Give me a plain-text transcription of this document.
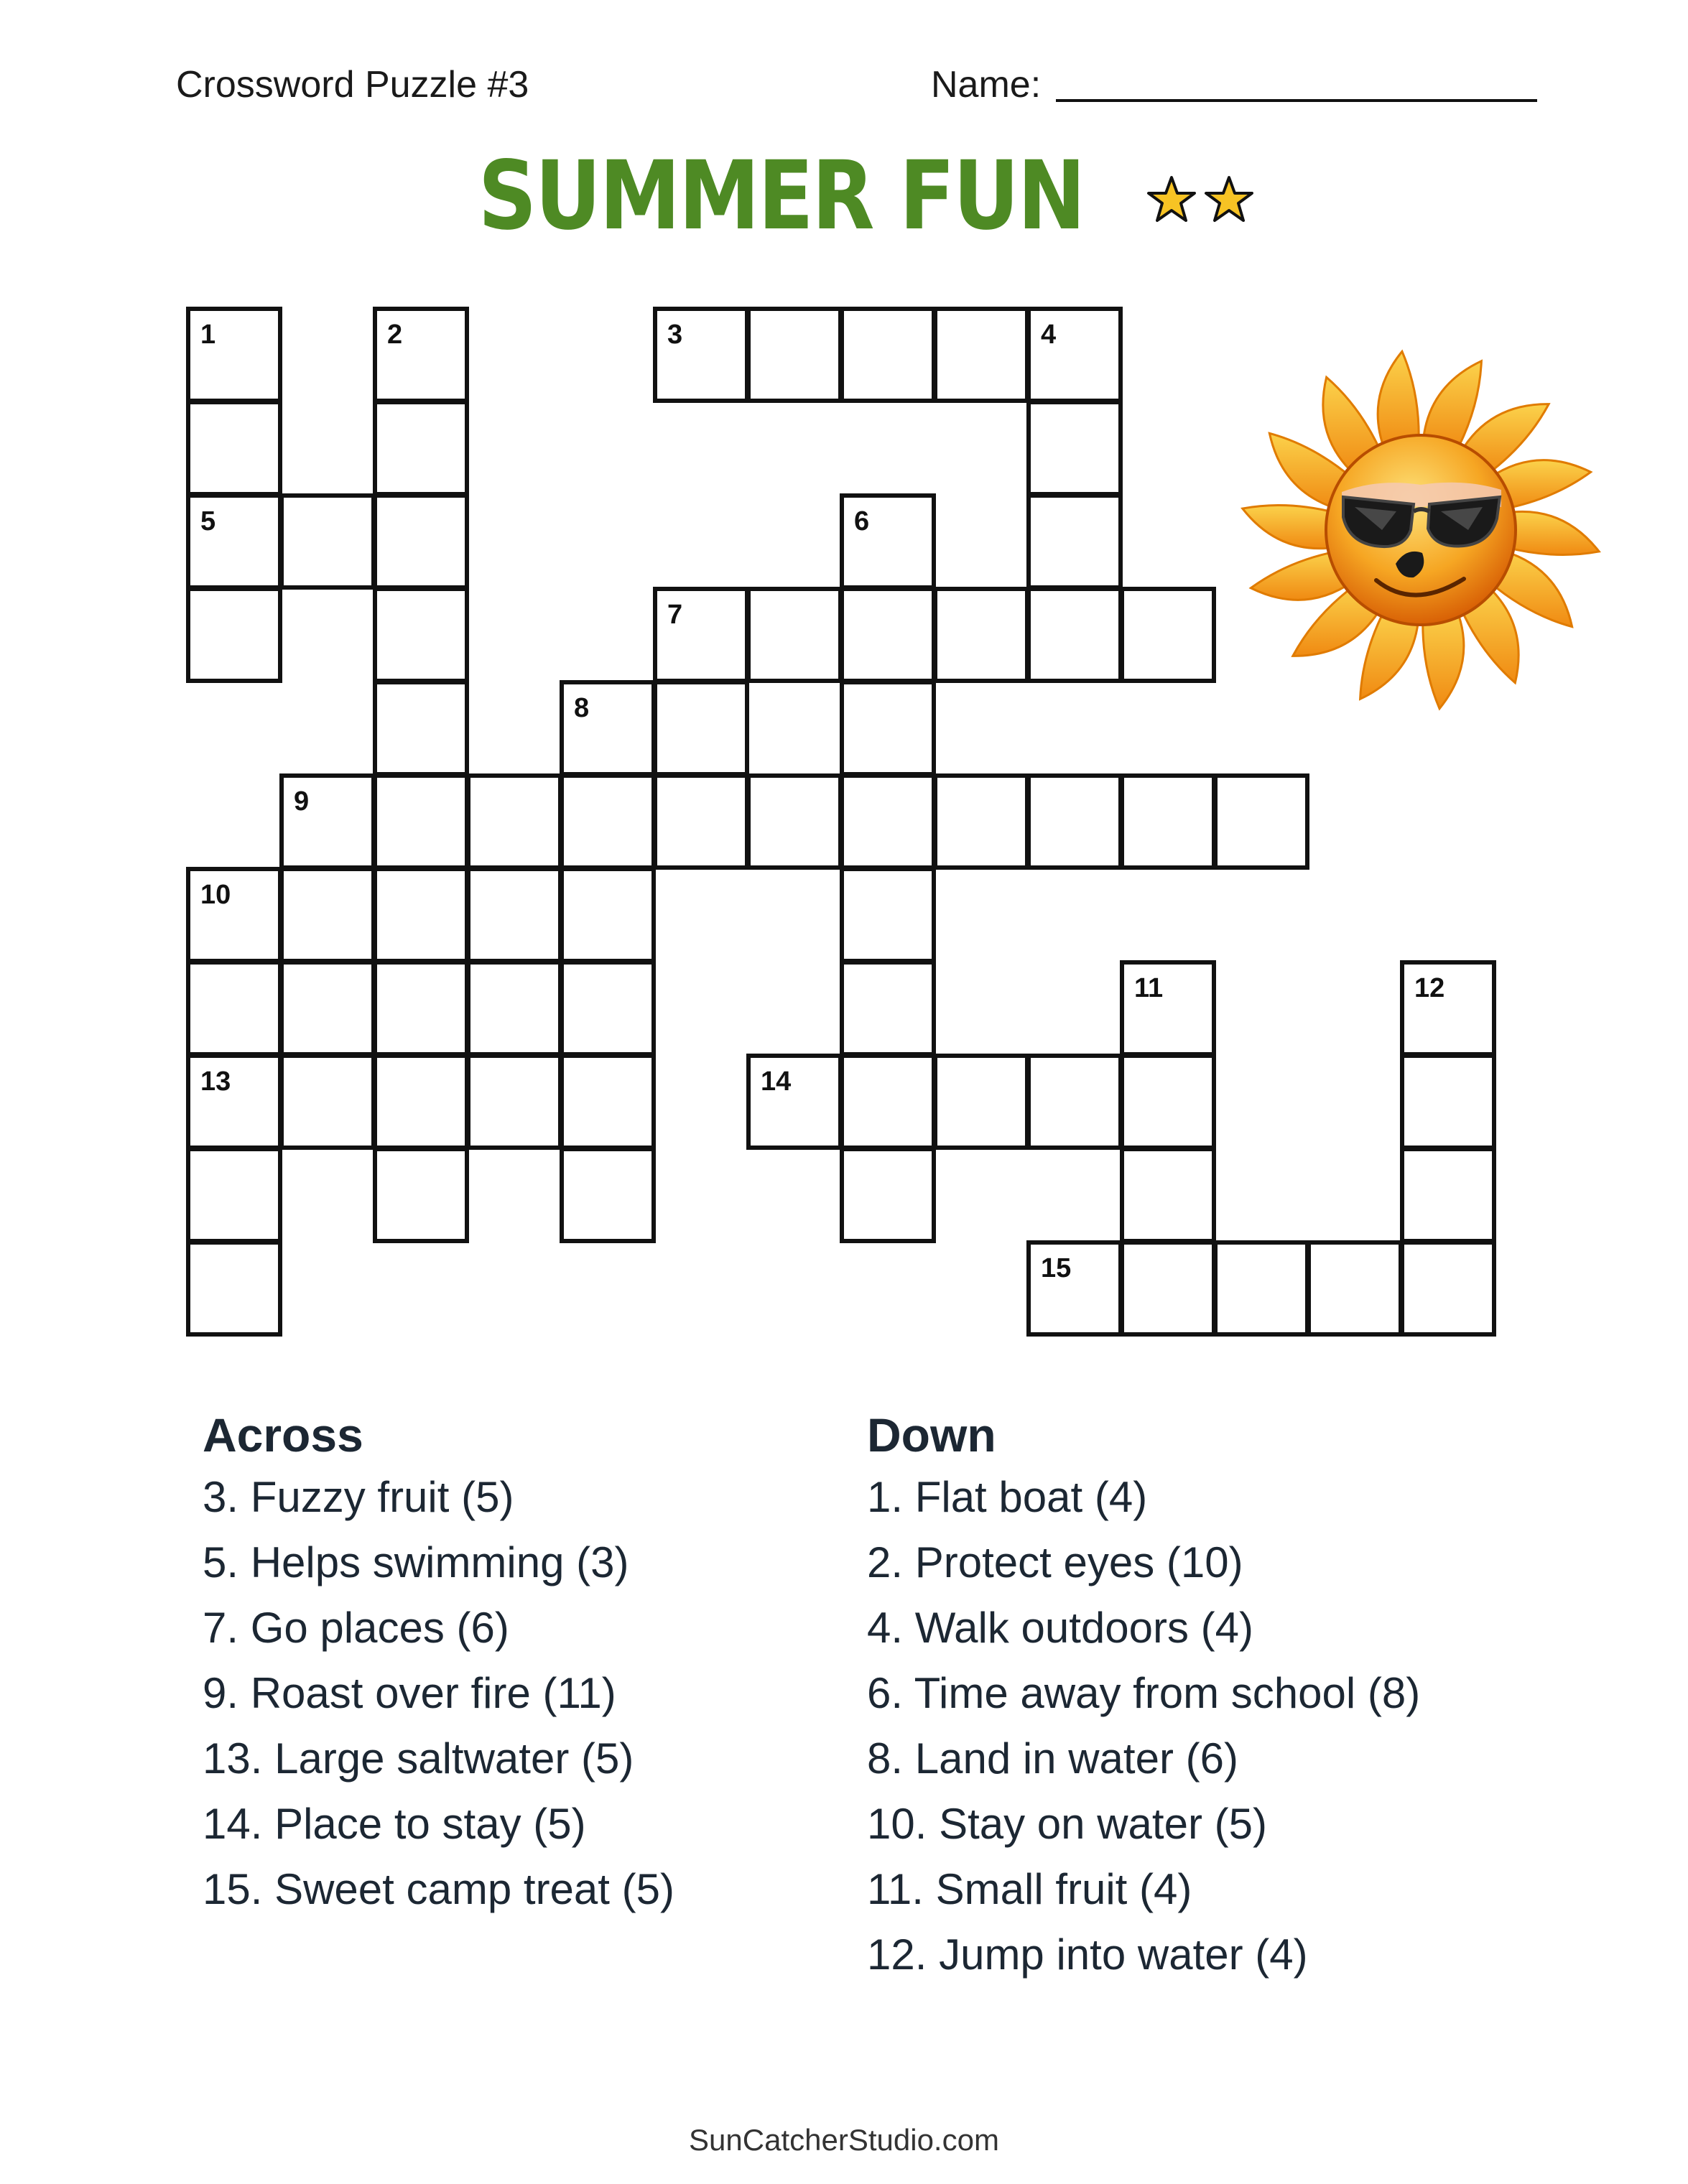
Crossword Puzzle #3	Name:
SUMMER FUN
1	2	3	4
5	6
7
8
9
10
11	12
13	14
15
Across
3. Fuzzy fruit (5)
5. Helps swimming (3)
7. Go places (6)
9. Roast over fire (11)
13. Large saltwater (5)
14. Place to stay (5)
15. Sweet camp treat (5)
Down
1. Flat boat (4)
2. Protect eyes (10)
4. Walk outdoors (4)
6. Time away from school (8)
8. Land in water (6)
10. Stay on water (5)
11. Small fruit (4)
12. Jump into water (4)
SunCatcherStudio.com
